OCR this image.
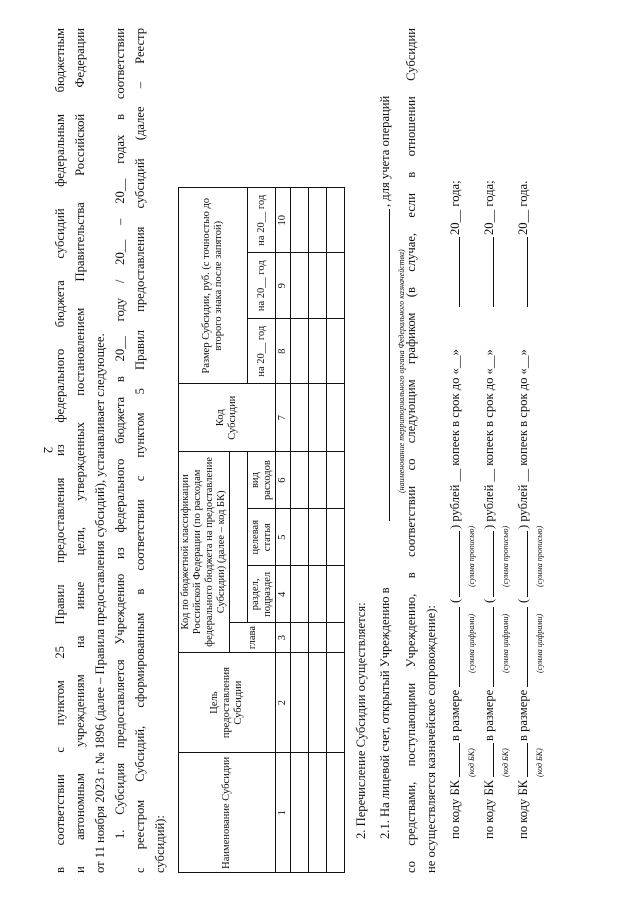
2
в соответствии с пунктом 25 Правил предоставления из федерального бюджета субсидий федеральным бюджетным и автономным учреждениям на иные цели, утвержденных постановлением Правительства Российской Федерации от 11 ноября 2023 г. № 1896 (далее – Правила предоставления субсидий), устанавливает следующее. 1. Субсидия предоставляется Учреждению из федерального бюджета в 20__ году / 20__ – 20__ годах в соответствии с реестром Субсидий, сформированным в соответствии с пунктом 5 Правил предоставления субсидий (далее – Реестр субсидий):	Наименование Субсидии	Цель предоставления Субсидии	Код по бюджетной классификации Российской Федерации (по расходам федерального бюджета на предоставление Субсидии) (далее – код БК)				Код Субсидии	Размер Субсидии, руб. (с точностью до второго знака после запятой)		
		глава						
			раздел, подраздел	целевая статья	вид расходов		на 20__ год	на 20__ год	на 20__ год
1	2	3	4	5	6	7	8	9	10

2. Перечисление Субсидии осуществляется: 2.1. На лицевой счет, открытый Учреждению в
, для учета операций
(наименование территориального органа Федерального казначейства)
со средствами, поступающими Учреждению, в соответствии со следующим графиком (в случае, если в отношении Субсидии не осуществляется казначейское сопровождение): по коду БК
в размере
(
) рублей __ копеек в срок до «__»
20__ года;
(код БК)
(сумма цифрами)
(сумма прописью)
по коду БК
в размере
(
) рублей __ копеек в срок до «__»
20__ года;
(код БК)
(сумма цифрами)
(сумма прописью)
по коду БК
в размере
(
) рублей __ копеек в срок до «__»
20__ года.
(код БК)
(сумма цифрами)
(сумма прописью)
